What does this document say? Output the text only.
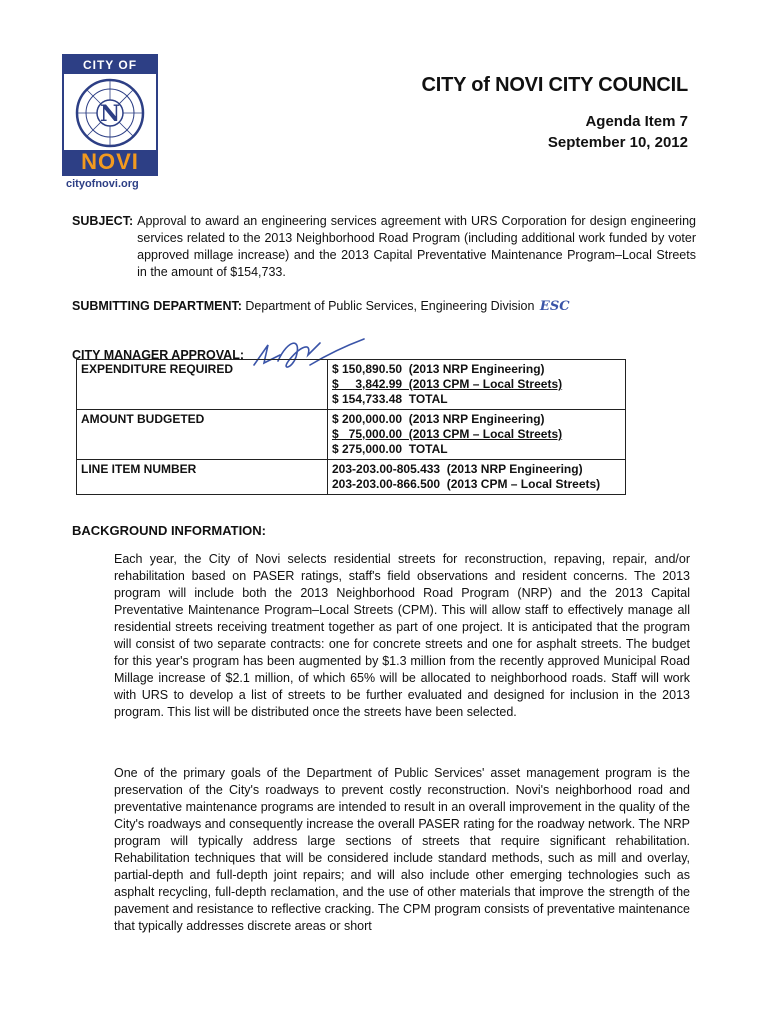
CITY OF
N
NOVI
cityofnovi.org
CITY of NOVI CITY COUNCIL
Agenda Item 7
September 10, 2012
SUBJECT: Approval to award an engineering services agreement with URS Corporation for design engineering services related to the 2013 Neighborhood Road Program (including additional work funded by voter approved millage increase) and the 2013 Capital Preventative Maintenance Program–Local Streets in the amount of $154,733.
SUBMITTING DEPARTMENT: Department of Public Services, Engineering Division ESC
CITY MANAGER APPROVAL:
EXPENDITURE REQUIRED	$ 150,890.50  (2013 NRP Engineering)
$     3,842.99  (2013 CPM – Local Streets)
$ 154,733.48  TOTAL

AMOUNT BUDGETED	$ 200,000.00  (2013 NRP Engineering)
$   75,000.00  (2013 CPM – Local Streets)
$ 275,000.00  TOTAL

LINE ITEM NUMBER	203-203.00-805.433  (2013 NRP Engineering)
203-203.00-866.500  (2013 CPM – Local Streets)
BACKGROUND INFORMATION:
Each year, the City of Novi selects residential streets for reconstruction, repaving, repair, and/or rehabilitation based on PASER ratings, staff's field observations and resident concerns. The 2013 program will include both the 2013 Neighborhood Road Program (NRP) and the 2013 Capital Preventative Maintenance Program–Local Streets (CPM). This will allow staff to effectively manage all residential streets receiving treatment together as part of one project. It is anticipated that the program will consist of two separate contracts: one for concrete streets and one for asphalt streets. The budget for this year's program has been augmented by $1.3 million from the recently approved Municipal Road Millage increase of $2.1 million, of which 65% will be allocated to neighborhood roads. Staff will work with URS to develop a list of streets to be further evaluated and designed for inclusion in the 2013 program. This list will be distributed once the streets have been selected.
One of the primary goals of the Department of Public Services' asset management program is the preservation of the City's roadways to prevent costly reconstruction. Novi's neighborhood road and preventative maintenance programs are intended to result in an overall improvement in the quality of the City's roadways and consequently increase the overall PASER rating for the roadway network. The NRP program will typically address large sections of streets that require significant rehabilitation. Rehabilitation techniques that will be considered include standard methods, such as mill and overlay, partial-depth and full-depth joint repairs; and will also include other emerging technologies such as asphalt recycling, full-depth reclamation, and the use of other materials that improve the strength of the pavement and resistance to reflective cracking. The CPM program consists of preventative maintenance that typically addresses discrete areas or short
